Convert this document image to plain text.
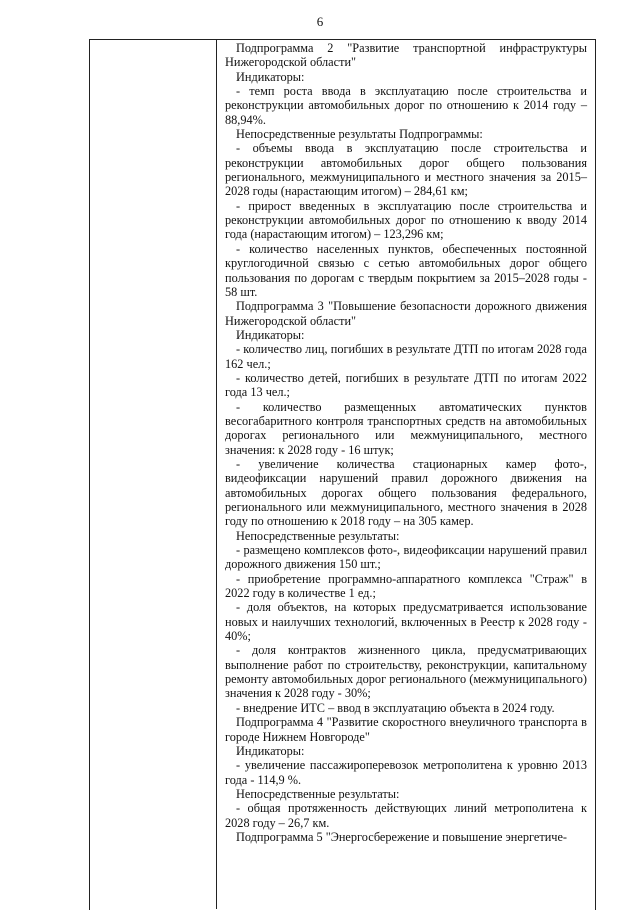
6

Подпрограмма 2 "Развитие транспортной инфраструктуры Нижегородской области"

Индикаторы:

- темп роста ввода в эксплуатацию после строительства и реконструкции автомобильных дорог по отношению к 2014 году – 88,94%.

Непосредственные результаты Подпрограммы:

- объемы ввода в эксплуатацию после строительства и реконструкции автомобильных дорог общего пользования регионального, межмуниципального и местного значения за 2015–2028 годы (нарастающим итогом) – 284,61 км;

- прирост введенных в эксплуатацию после строительства и реконструкции автомобильных дорог по отношению к вводу 2014 года (нарастающим итогом) – 123,296 км;

- количество населенных пунктов, обеспеченных постоянной круглогодичной связью с сетью автомобильных дорог общего пользования по дорогам с твердым покрытием за 2015–2028 годы - 58 шт.

Подпрограмма 3 "Повышение безопасности дорожного движения Нижегородской области"

Индикаторы:

- количество лиц, погибших в результате ДТП по итогам 2028 года 162 чел.;

- количество детей, погибших в результате ДТП по итогам 2022 года 13 чел.;

- количество размещенных автоматических пунктов весогабаритного контроля транспортных средств на автомобильных дорогах регионального или межмуниципального, местного значения: к 2028 году - 16 штук;

- увеличение количества стационарных камер фото-, видеофиксации нарушений правил дорожного движения на автомобильных дорогах общего пользования федерального, регионального или межмуниципального, местного значения в 2028 году по отношению к 2018 году – на 305 камер.

Непосредственные результаты:

- размещено комплексов фото-, видеофиксации нарушений правил дорожного движения 150 шт.;

- приобретение программно-аппаратного комплекса "Страж" в 2022 году в количестве 1 ед.;

- доля объектов, на которых предусматривается использование новых и наилучших технологий, включенных в Реестр к 2028 году - 40%;

- доля контрактов жизненного цикла, предусматривающих выполнение работ по строительству, реконструкции, капитальному ремонту автомобильных дорог регионального (межмуниципального) значения к 2028 году - 30%;

- внедрение ИТС – ввод в эксплуатацию объекта в 2024 году.

Подпрограмма 4 "Развитие скоростного внеуличного транспорта в городе Нижнем Новгороде"

Индикаторы:

- увеличение пассажироперевозок метрополитена к уровню 2013 года - 114,9 %.

Непосредственные результаты:

- общая протяженность действующих линий метрополитена к 2028 году – 26,7 км.

Подпрограмма 5 "Энергосбережение и повышение энергетиче-
